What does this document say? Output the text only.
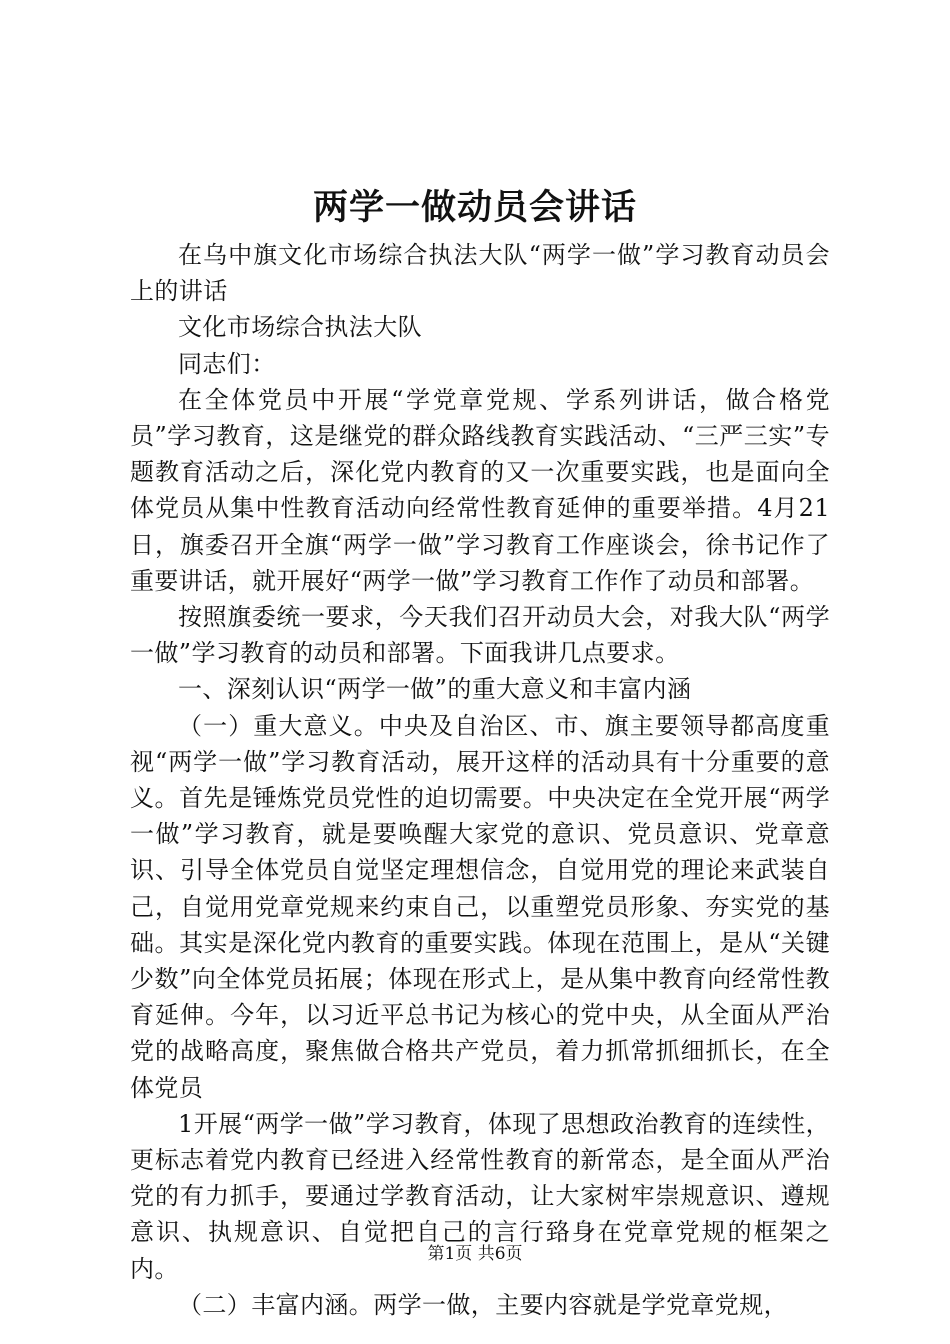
两学一做动员会讲话

在乌中旗文化市场综合执法大队“两学一做”学习教育动员会上的讲话

文化市场综合执法大队

同志们：

在全体党员中开展“学党章党规、学系列讲话，做合格党员”学习教育，这是继党的群众路线教育实践活动、“三严三实”专题教育活动之后，深化党内教育的又一次重要实践，也是面向全体党员从集中性教育活动向经常性教育延伸的重要举措。4月21日，旗委召开全旗“两学一做”学习教育工作座谈会，徐书记作了重要讲话，就开展好“两学一做”学习教育工作作了动员和部署。

按照旗委统一要求，今天我们召开动员大会，对我大队“两学一做”学习教育的动员和部署。下面我讲几点要求。

一、深刻认识“两学一做”的重大意义和丰富内涵

（一）重大意义。中央及自治区、市、旗主要领导都高度重视“两学一做”学习教育活动，展开这样的活动具有十分重要的意义。首先是锤炼党员党性的迫切需要。中央决定在全党开展“两学一做”学习教育，就是要唤醒大家党的意识、党员意识、党章意识、引导全体党员自觉坚定理想信念，自觉用党的理论来武装自己，自觉用党章党规来约束自己，以重塑党员形象、夯实党的基础。其实是深化党内教育的重要实践。体现在范围上，是从“关键少数”向全体党员拓展；体现在形式上，是从集中教育向经常性教育延伸。今年，以习近平总书记为核心的党中央，从全面从严治党的战略高度，聚焦做合格共产党员，着力抓常抓细抓长，在全体党员

1开展“两学一做”学习教育，体现了思想政治教育的连续性，更标志着党内教育已经进入经常性教育的新常态，是全面从严治党的有力抓手，要通过学教育活动，让大家树牢崇规意识、遵规意识、执规意识、自觉把自己的言行臵身在党章党规的框架之内。

（二）丰富内涵。两学一做，主要内容就是学党章党规，

第1页 共6页
